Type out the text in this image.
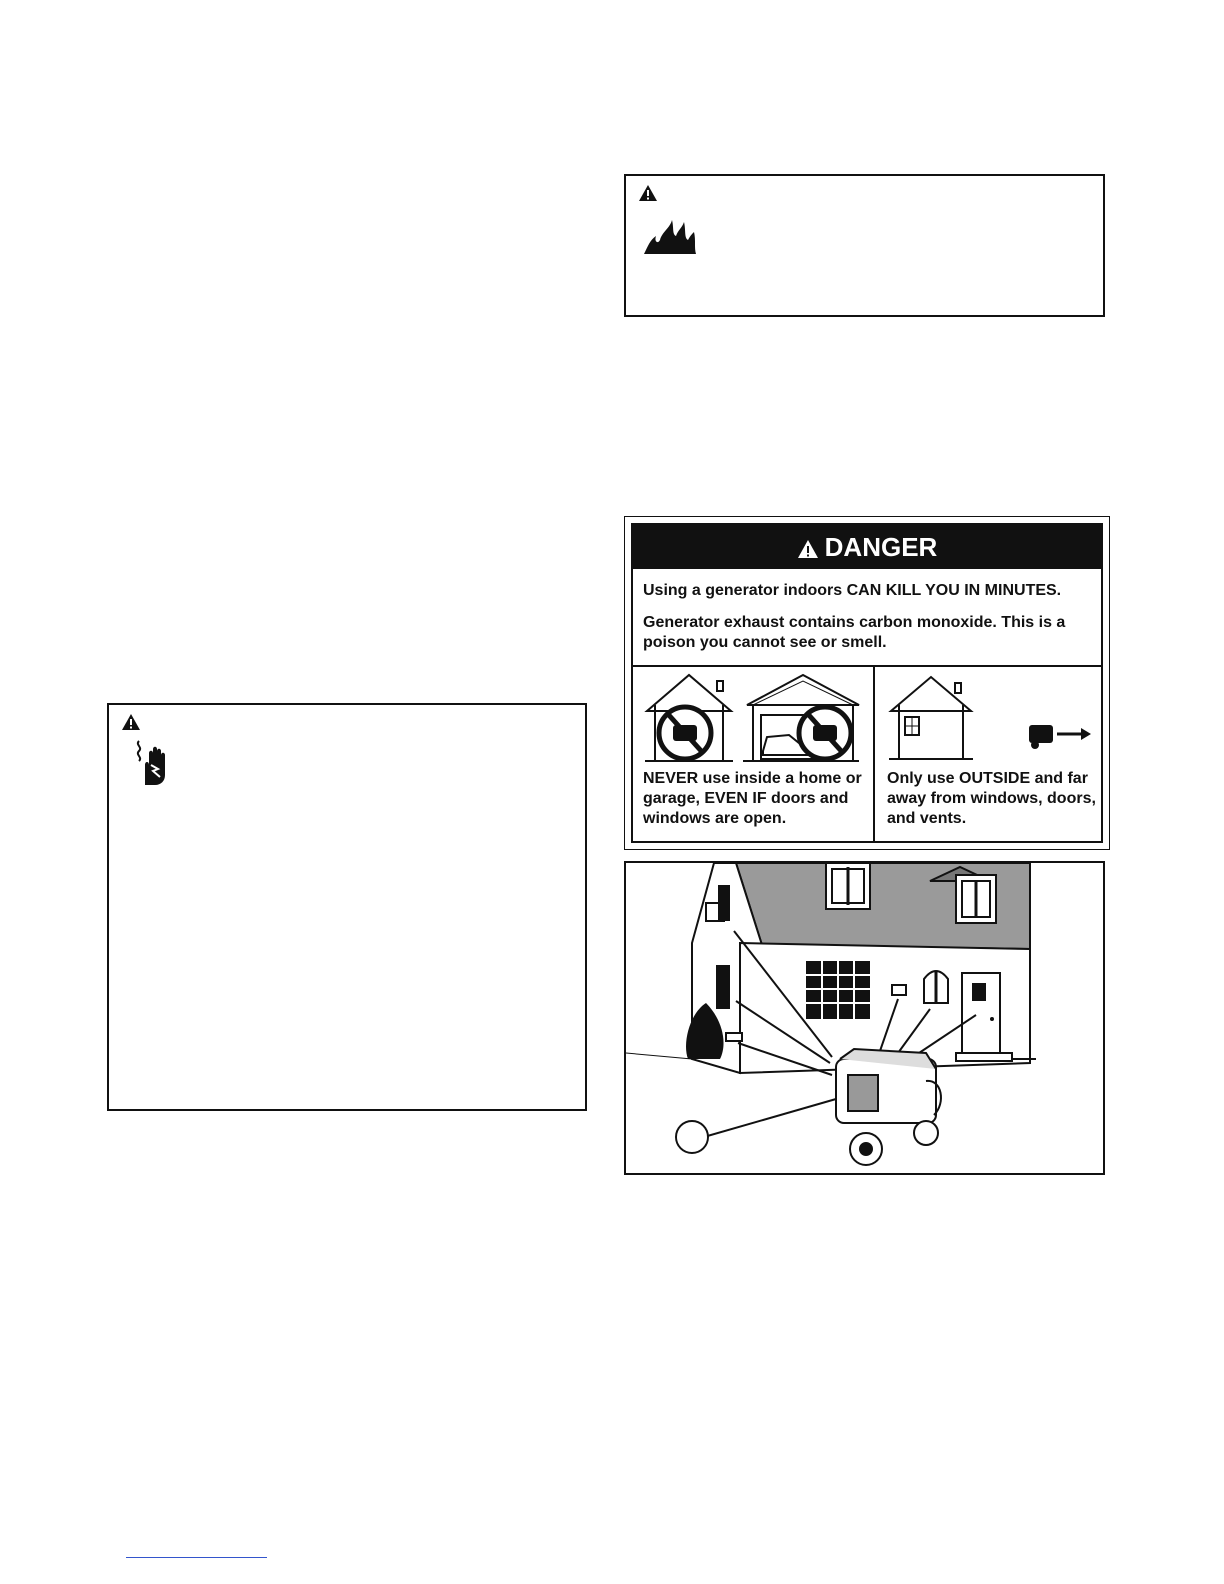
DANGER
Using a generator indoors CAN KILL YOU IN MINUTES.
Generator exhaust contains carbon monoxide. This is a poison you cannot see or smell.
NEVER use inside a home or garage, EVEN IF doors and windows are open.
Only use OUTSIDE and far away from windows, doors, and vents.
